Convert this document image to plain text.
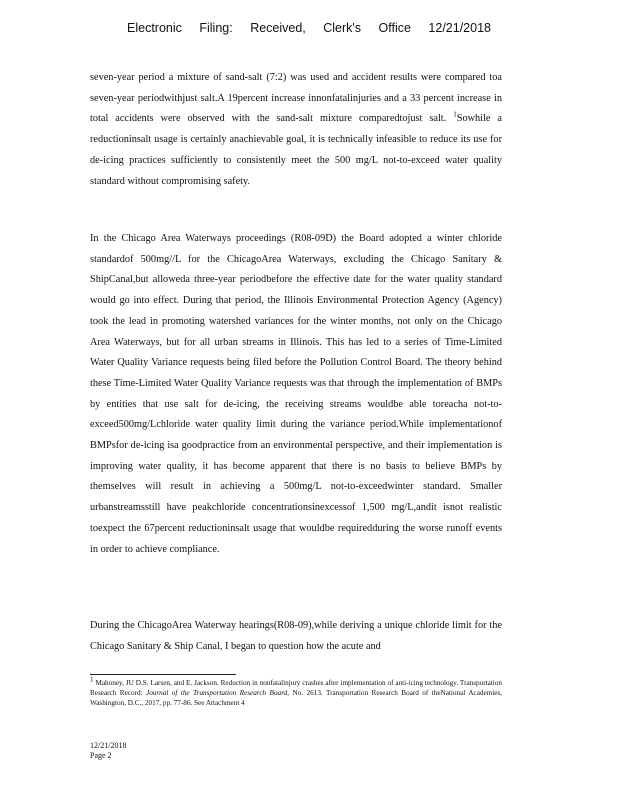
Electronic Filing: Received, Clerk's Office 12/21/2018

seven-year period a mixture of sand-salt (7:2) was used and accident results were compared toa seven-year periodwithjust salt.A 19percent increase innonfatalinjuries and a 33 percent increase in total accidents were observed with the sand-salt mixture comparedtojust salt. $^1$Sowhile a reductioninsalt usage is certainly anachievable goal, it is technically infeasible to reduce its use for de-icing practices sufficiently to consistently meet the 500 mg/L not-to-exceed water quality standard without compromising safety.

In the Chicago Area Waterways proceedings (R08-09D) the Board adopted a winter chloride standardof 500mg//L for the ChicagoArea Waterways, excluding the Chicago Sanitary & ShipCanal,but alloweda three-year periodbefore the effective date for the water quality standard would go into effect. During that period, the Illinois Environmental Protection Agency (Agency) took the lead in promoting watershed variances for the winter months, not only on the Chicago Area Waterways, but for all urban streams in Illinois. This has led to a series of Time-Limited Water Quality Variance requests being filed before the Pollution Control Board. The theory behind these Time-Limited Water Quality Variance requests was that through the implementation of BMPs by entities that use salt for de-icing, the receiving streams wouldbe able toreacha not-to-exceed500mg/Lchloride water quality limit during the variance period.While implementationof BMPsfor de-icing isa goodpractice from an environmental perspective, and their implementation is improving water quality, it has become apparent that there is no basis to believe BMPs by themselves will result in achieving a 500mg/L not-to-exceedwinter standard. Smaller urbanstreamsstill have peakchloride concentrationsinexcessof 1,500 mg/L,andit isnot realistic toexpect the 67percent reductioninsalt usage that wouldbe requiredduring the worse runoff events in order to achieve compliance.

During the ChicagoArea Waterway hearings(R08-09),while deriving a unique chloride limit for the Chicago Sanitary & Ship Canal, I began to question how the acute and

$^1$ Mahoney, JU D.S. Larsen, and E. Jackson. Reduction in nonfatalinjury crashes after implementation of anti-icing technology. Transportation Research Record: Journal of the Transportation Research Board, No. 2613. Transportation Research Board of theNational Academies, Washington, D.C., 2017, pp. 77-86. See Attachment 4

12/21/2018
Page 2
